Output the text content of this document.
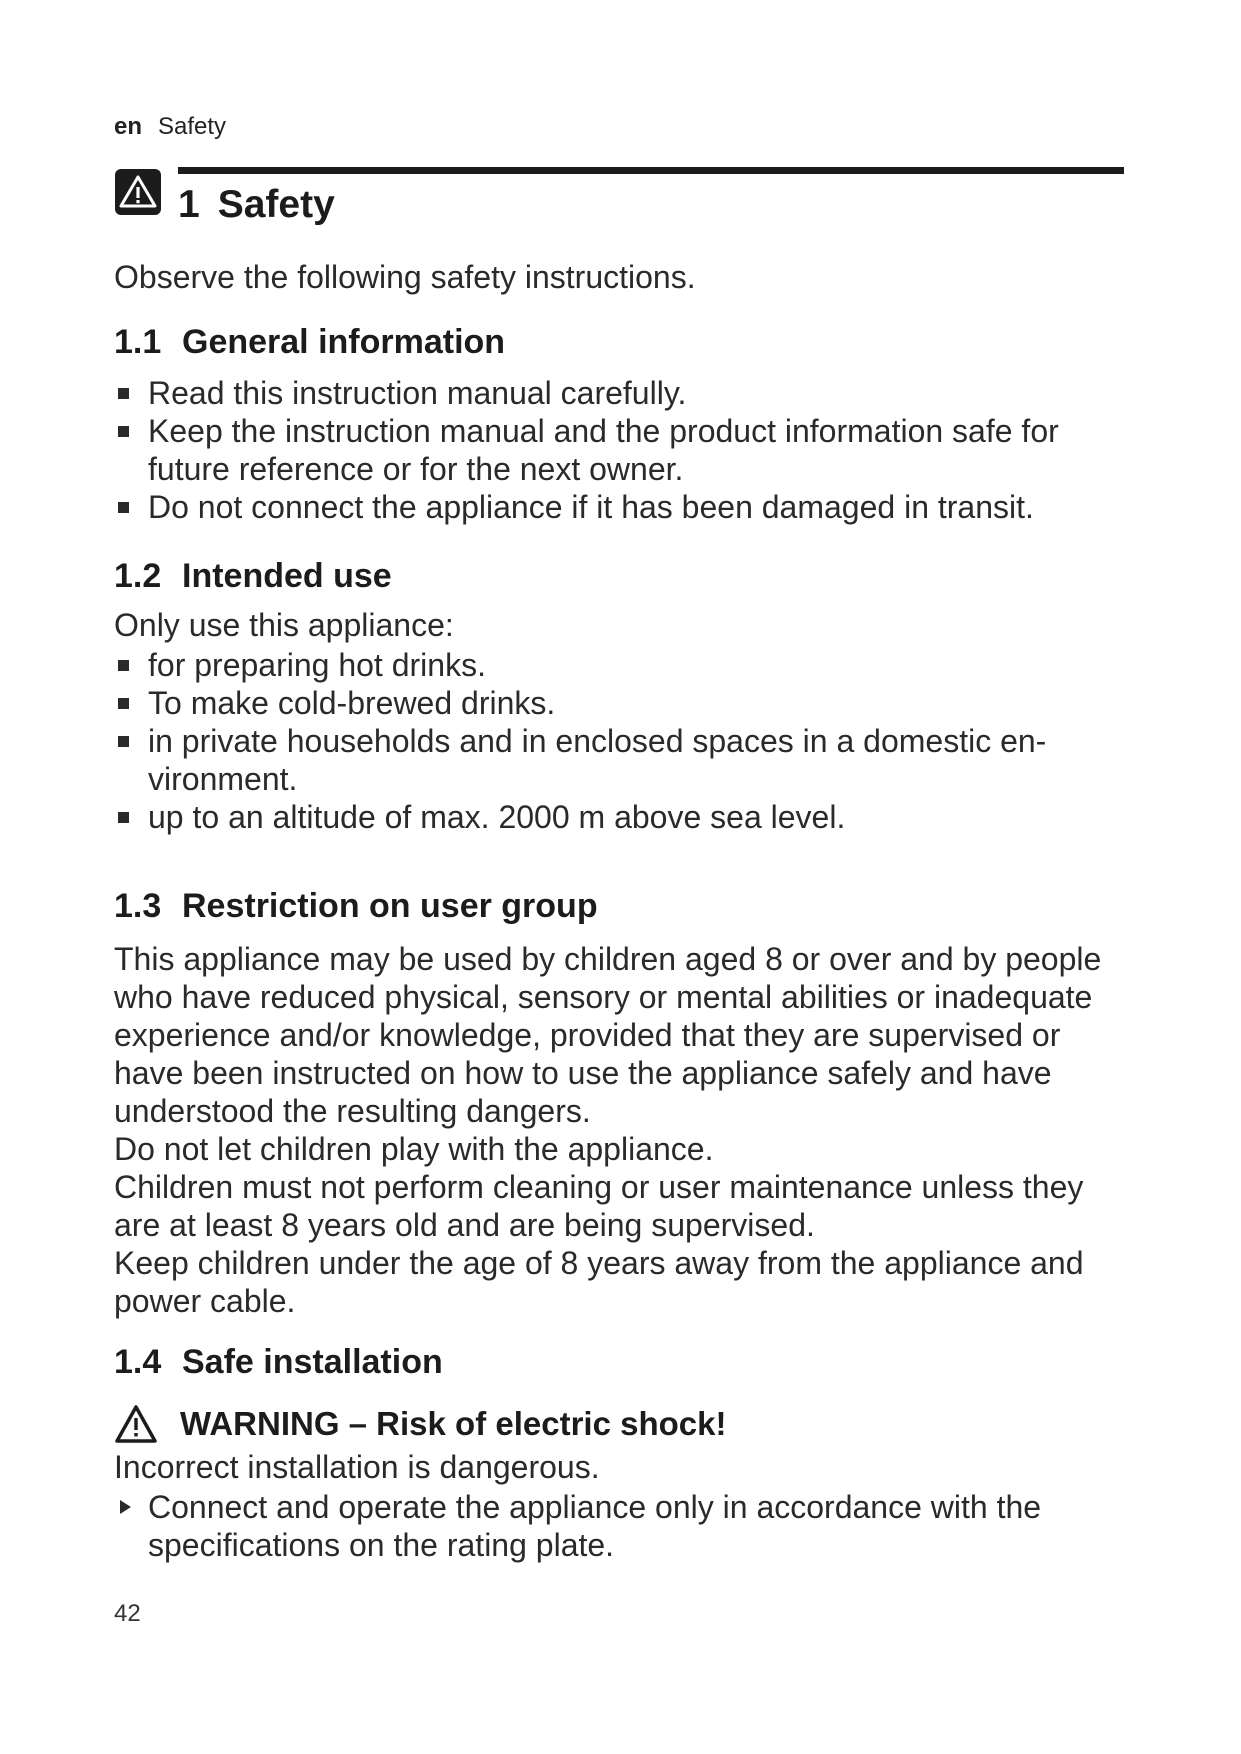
en Safety
1 Safety

Observe the following safety instructions.

1.1 General information
Read this instruction manual carefully.
Keep the instruction manual and the product information safe for future reference or for the next owner.
Do not connect the appliance if it has been damaged in transit.
1.2 Intended use

Only use this appliance:

for preparing hot drinks.
To make cold-brewed drinks.
in private households and in enclosed spaces in a domestic en-vironment.
up to an altitude of max. 2000 m above sea level.
1.3 Restriction on user group
This appliance may be used by children aged 8 or over and by people who have reduced physical, sensory or mental abilities or inadequate experience and/or knowledge, provided that they are supervised or have been instructed on how to use the appliance safely and have understood the resulting dangers.
Do not let children play with the appliance.
Children must not perform cleaning or user maintenance unless they are at least 8 years old and are being supervised.
Keep children under the age of 8 years away from the appliance and power cable.
1.4 Safe installation
WARNING – Risk of electric shock!

Incorrect installation is dangerous.

Connect and operate the appliance only in accordance with the specifications on the rating plate.
42
